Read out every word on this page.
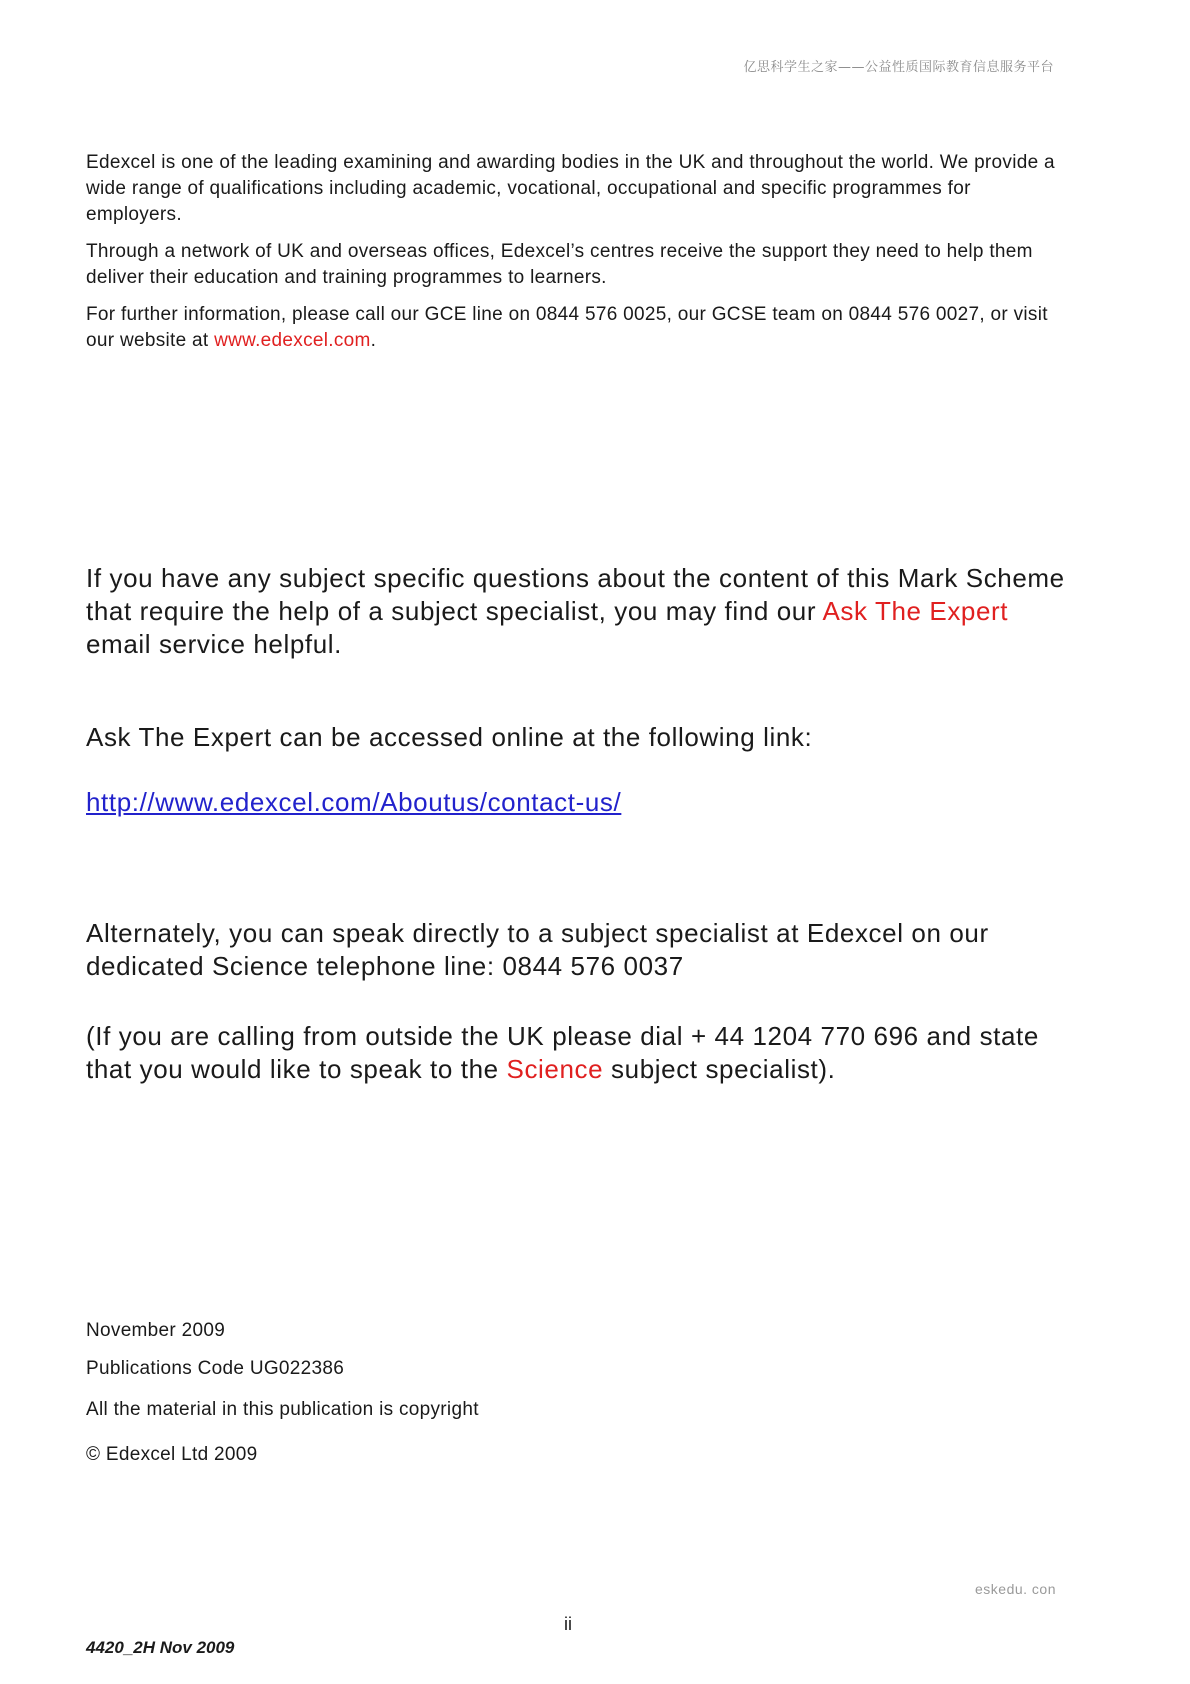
亿思科学生之家——公益性质国际教育信息服务平台

Edexcel is one of the leading examining and awarding bodies in the UK and throughout the world. We provide a wide range of qualifications including academic, vocational, occupational and specific programmes for employers.

Through a network of UK and overseas offices, Edexcel’s centres receive the support they need to help them deliver their education and training programmes to learners.

For further information, please call our GCE line on 0844 576 0025, our GCSE team on 0844 576 0027, or visit our website at www.edexcel.com.

If you have any subject specific questions about the content of this Mark Scheme that require the help of a subject specialist, you may find our Ask The Expert email service helpful.

Ask The Expert can be accessed online at the following link:
http://www.edexcel.com/Aboutus/contact-us/
Alternately, you can speak directly to a subject specialist at Edexcel on our dedicated Science telephone line: 0844 576 0037
(If you are calling from outside the UK please dial + 44 1204 770 696 and state that you would like to speak to the Science subject specialist).
November 2009
Publications Code UG022386
All the material in this publication is copyright
© Edexcel Ltd 2009
eskedu. con
ii
4420_2H Nov 2009
